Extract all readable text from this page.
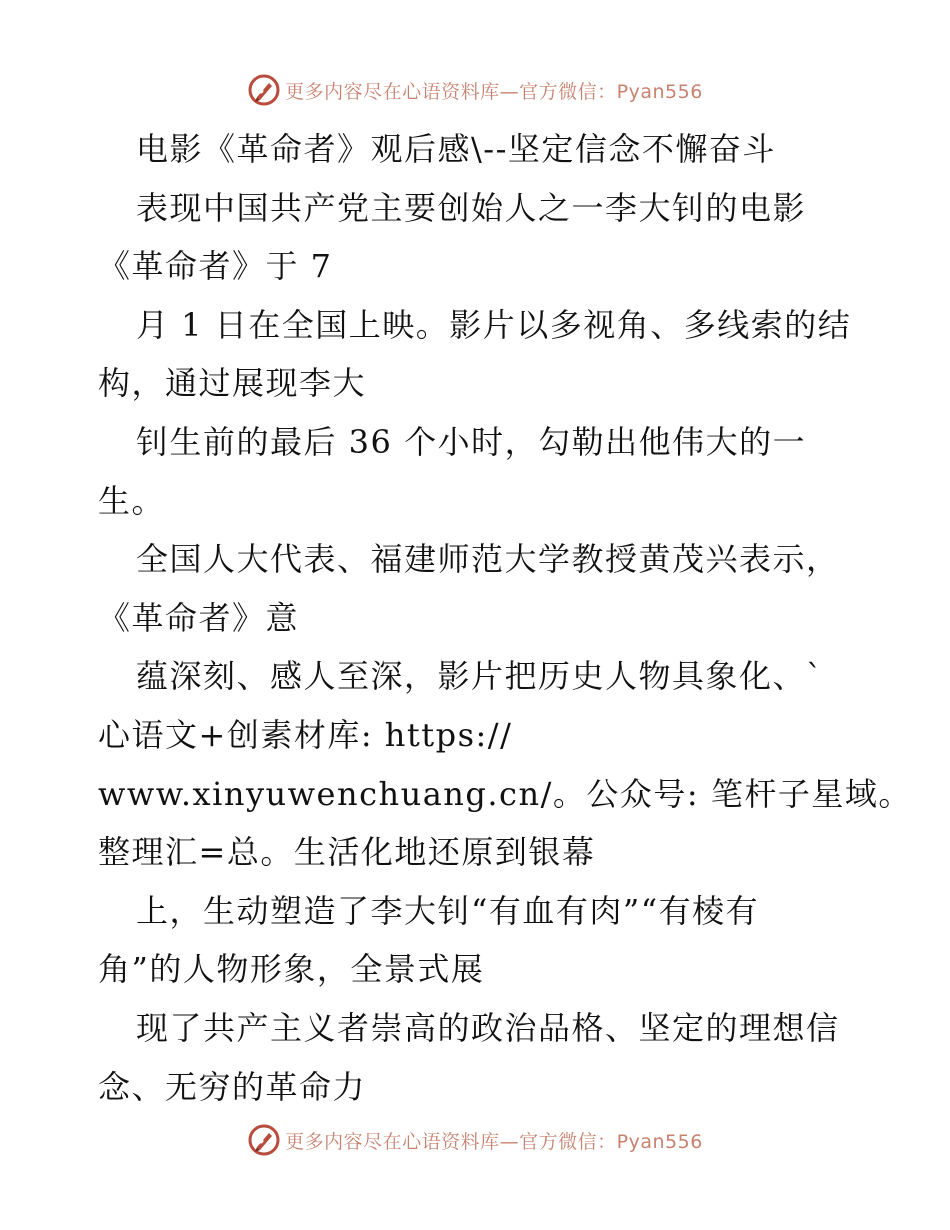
更多内容尽在心语资料库—官方微信：Pyan556
电影《革命者》观后感\--坚定信念不懈奋斗
表现中国共产党主要创始人之一李大钊的电影
《革命者》于 7
月 1 日在全国上映。影片以多视角、多线索的结
构，通过展现李大
钊生前的最后 36 个小时，勾勒出他伟大的一
生。
全国人大代表、福建师范大学教授黄茂兴表示，
《革命者》意
蕴深刻、感人至深，影片把历史人物具象化、`
心语文+创素材库: https://
www.xinyuwenchuang.cn/。公众号: 笔杆子星域。
整理汇=总。生活化地还原到银幕
上，生动塑造了李大钊“有血有肉”“有棱有
角”的人物形象，全景式展
现了共产主义者崇高的政治品格、坚定的理想信
念、无穷的革命力
更多内容尽在心语资料库—官方微信：Pyan556
